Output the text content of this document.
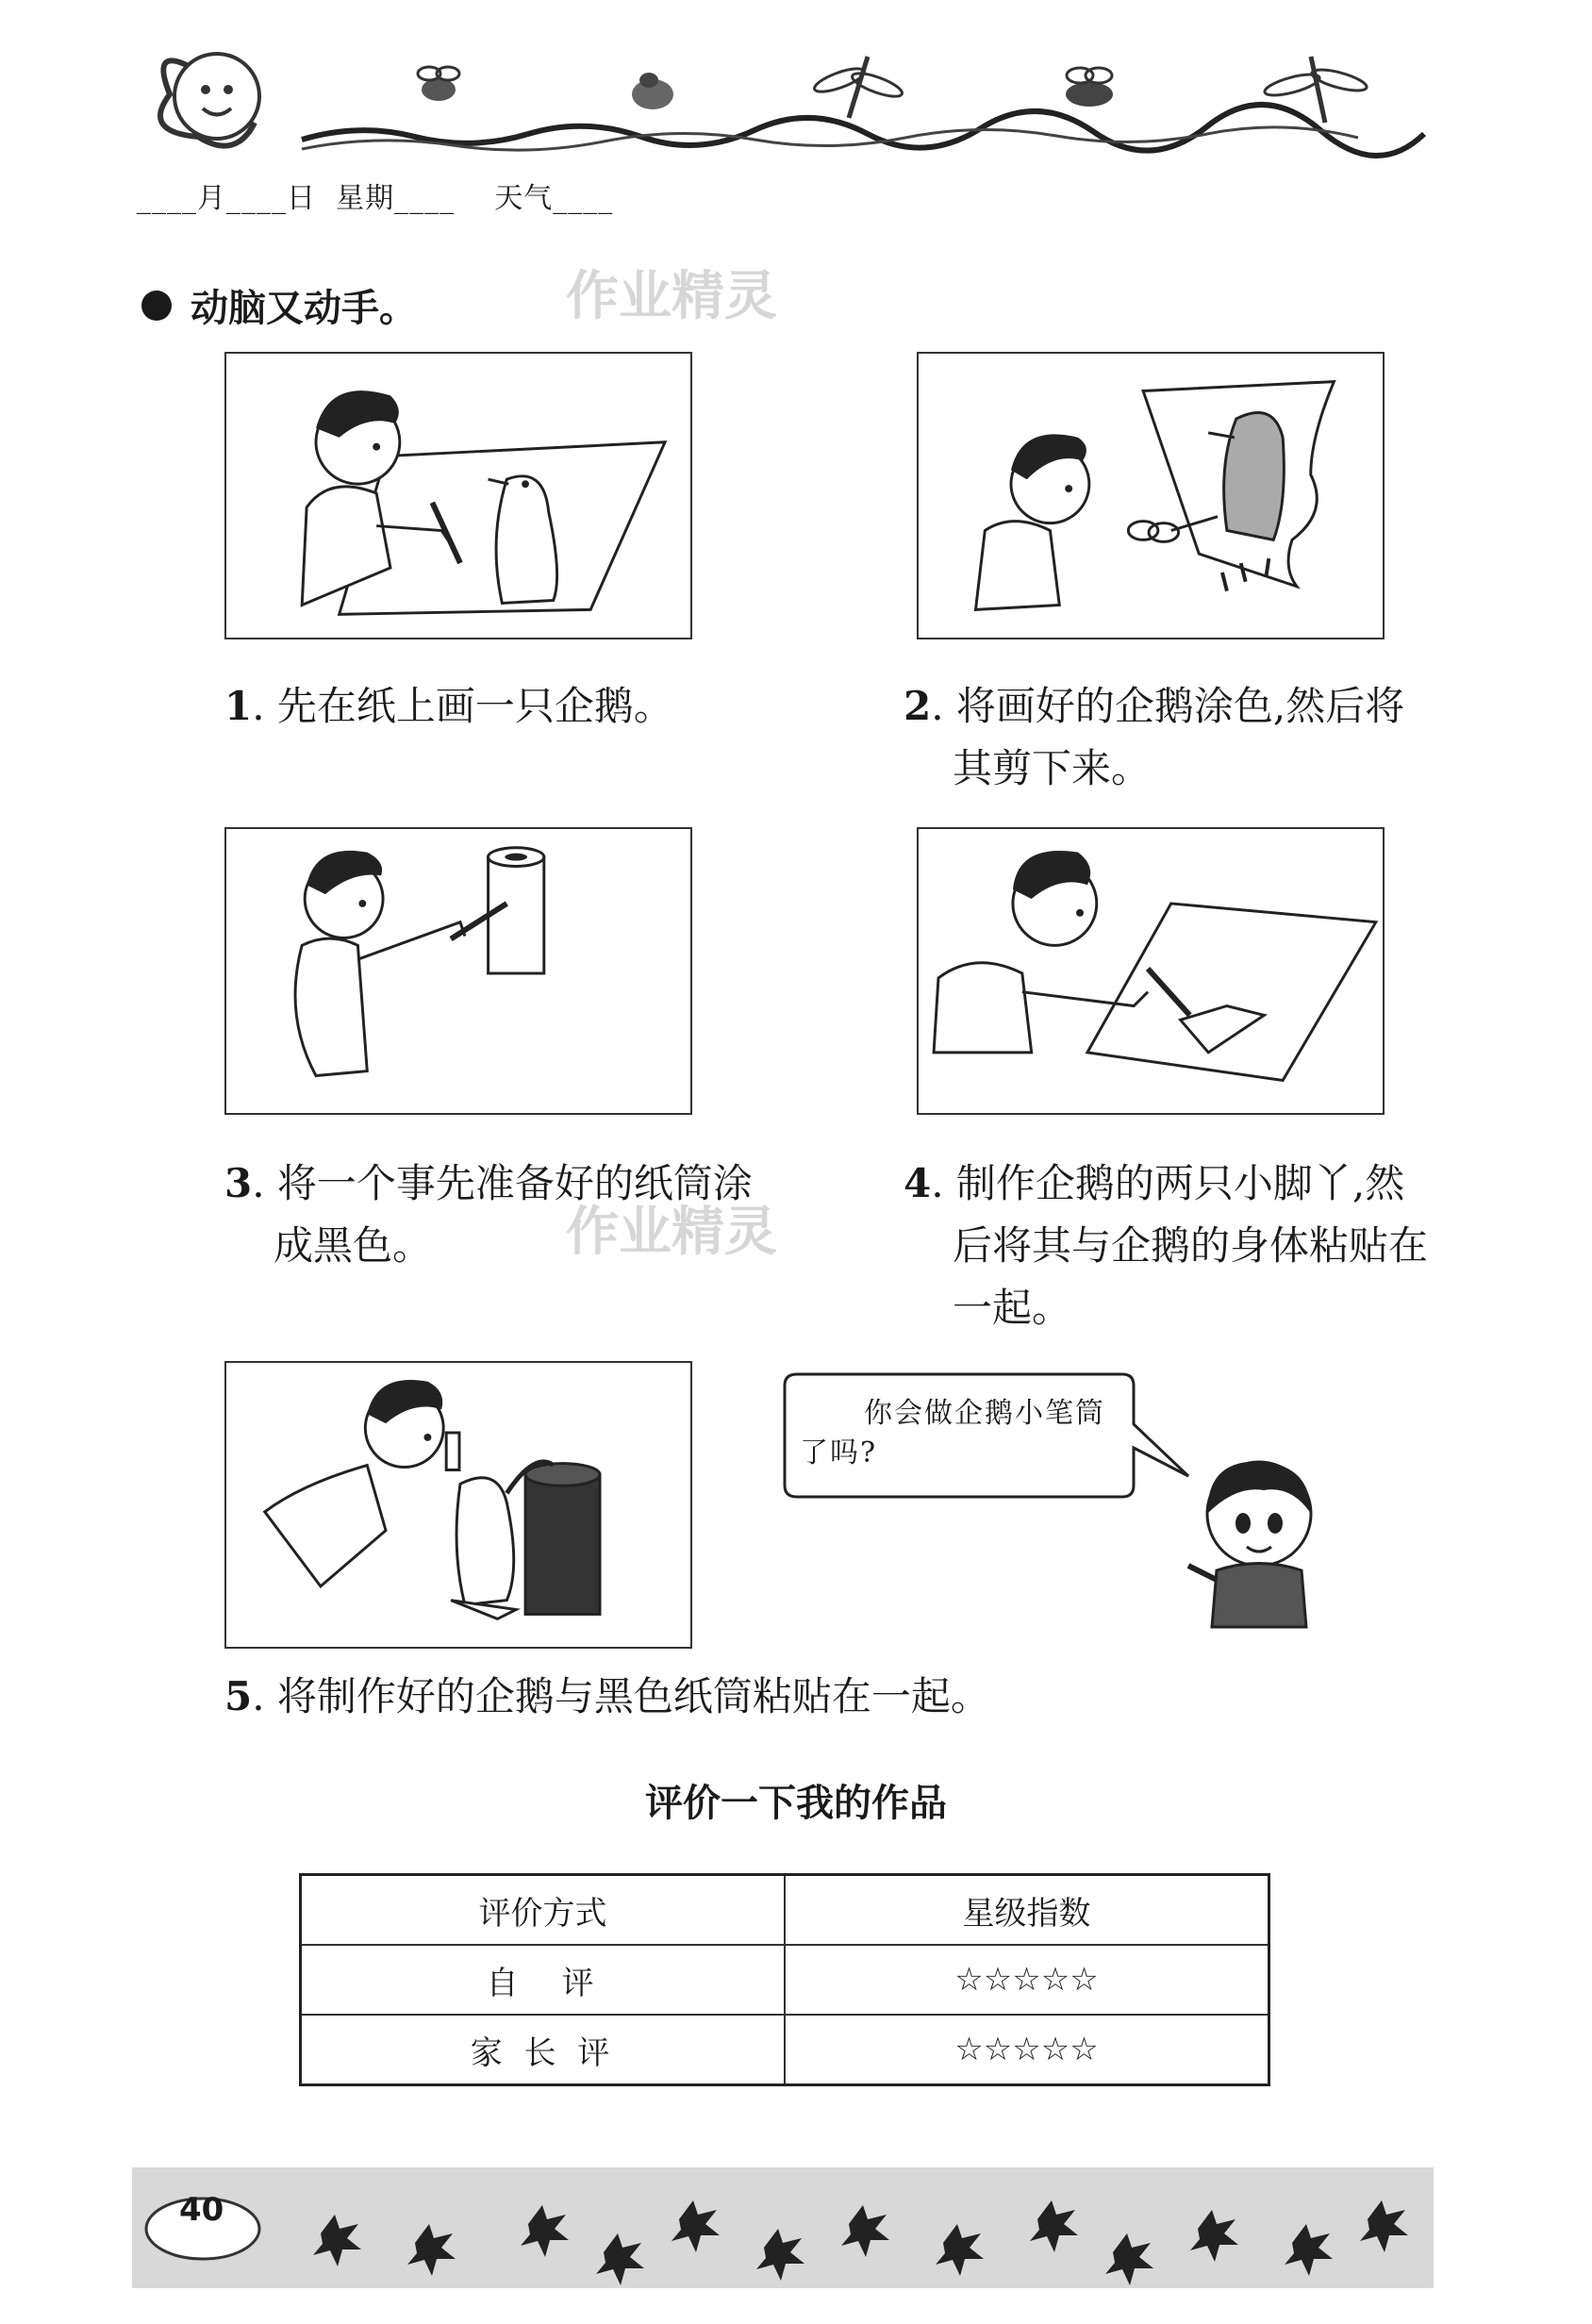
____月____日  星期____    天气____
动脑又动手。	作业精灵
1. 先在纸上画一只企鹅。	2. 将画好的企鹅涂色,然后将其剪下来。
3. 将一个事先准备好的纸筒涂成黑色。	作业精灵
4. 制作企鹅的两只小脚丫,然后将其与企鹅的身体粘贴在一起。
你会做企鹅小笔筒了吗?
5. 将制作好的企鹅与黑色纸筒粘贴在一起。
评价一下我的作品
评价方式	星级指数
自　评	☆☆☆☆☆
家 长 评	☆☆☆☆☆
40
